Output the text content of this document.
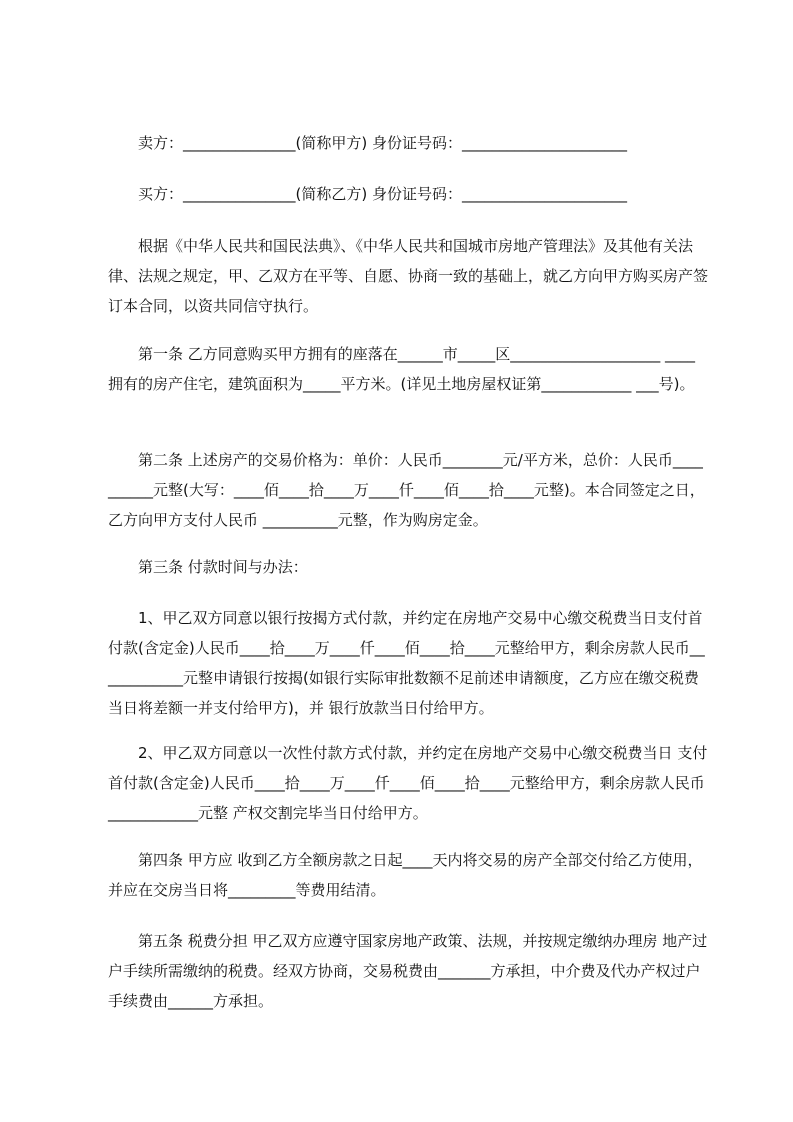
卖方：_______________(简称甲方) 身份证号码：______________________

买方：_______________(简称乙方) 身份证号码：______________________

根据《中华人民共和国民法典》、《中华人民共和国城市房地产管理法》及其他有关法律、法规之规定，甲、乙双方在平等、自愿、协商一致的基础上，就乙方向甲方购买房产签订本合同，以资共同信守执行。

第一条 乙方同意购买甲方拥有的座落在______市_____区____________________ ____拥有的房产住宅，建筑面积为_____平方米。(详见土地房屋权证第____________ ___号)。

第二条 上述房产的交易价格为：单价：人民币________元/平方米，总价：人民币__________元整(大写：____佰____拾____万____仟____佰____拾____元整)。本合同签定之日，乙方向甲方支付人民币 __________元整，作为购房定金。

第三条 付款时间与办法：

1、甲乙双方同意以银行按揭方式付款，并约定在房地产交易中心缴交税费当日支付首付款(含定金)人民币____拾____万____仟____佰____拾____元整给甲方，剩余房款人民币____________元整申请银行按揭(如银行实际审批数额不足前述申请额度，乙方应在缴交税费当日将差额一并支付给甲方)，并 银行放款当日付给甲方。

2、甲乙双方同意以一次性付款方式付款，并约定在房地产交易中心缴交税费当日 支付首付款(含定金)人民币____拾____万____仟____佰____拾____元整给甲方，剩余房款人民币____________元整 产权交割完毕当日付给甲方。

第四条 甲方应 收到乙方全额房款之日起____天内将交易的房产全部交付给乙方使用，并应在交房当日将_________等费用结清。

第五条 税费分担 甲乙双方应遵守国家房地产政策、法规，并按规定缴纳办理房 地产过户手续所需缴纳的税费。经双方协商，交易税费由_______方承担，中介费及代办产权过户手续费由______方承担。
